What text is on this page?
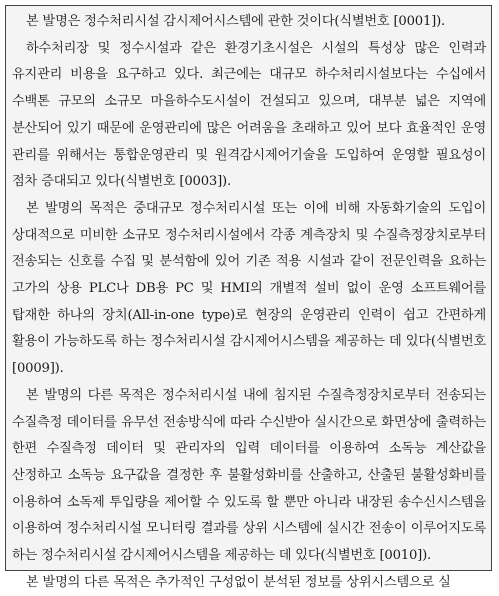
본 발명은 정수처리시설 감시제어시스템에 관한 것이다(식별번호 [0001]).

하수처리장 및 정수시설과 같은 환경기초시설은 시설의 특성상 많은 인력과 유지관리 비용을 요구하고 있다. 최근에는 대규모 하수처리시설보다는 수십에서 수백톤 규모의 소규모 마을하수도시설이 건설되고 있으며, 대부분 넓은 지역에 분산되어 있기 때문에 운영관리에 많은 어려움을 초래하고 있어 보다 효율적인 운영 관리를 위해서는 통합운영관리 및 원격감시제어기술을 도입하여 운영할 필요성이 점차 증대되고 있다(식별번호 [0003]).

본 발명의 목적은 중대규모 정수처리시설 또는 이에 비해 자동화기술의 도입이 상대적으로 미비한 소규모 정수처리시설에서 각종 계측장치 및 수질측정장치로부터 전송되는 신호를 수집 및 분석함에 있어 기존 적용 시설과 같이 전문인력을 요하는 고가의 상용 PLC나 DB용 PC 및 HMI의 개별적 설비 없이 운영 소프트웨어를 탑재한 하나의 장치(All-in-one type)로 현장의 운영관리 인력이 쉽고 간편하게 활용이 가능하도록 하는 정수처리시설 감시제어시스템을 제공하는 데 있다(식별번호 [0009]).

본 발명의 다른 목적은 정수처리시설 내에 침지된 수질측정장치로부터 전송되는 수질측정 데이터를 유무선 전송방식에 따라 수신받아 실시간으로 화면상에 출력하는 한편 수질측정 데이터 및 관리자의 입력 데이터를 이용하여 소독능 계산값을 산정하고 소독능 요구값을 결정한 후 불활성화비를 산출하고, 산출된 불활성화비를 이용하여 소독제 투입량을 제어할 수 있도록 할 뿐만 아니라 내장된 송수신시스템을 이용하여 정수처리시설 모니터링 결과를 상위 시스템에 실시간 전송이 이루어지도록 하는 정수처리시설 감시제어시스템을 제공하는 데 있다(식별번호 [0010]).

본 발명의 다른 목적은 추가적인 구성없이 분석된 정보를 상위시스템으로 실
